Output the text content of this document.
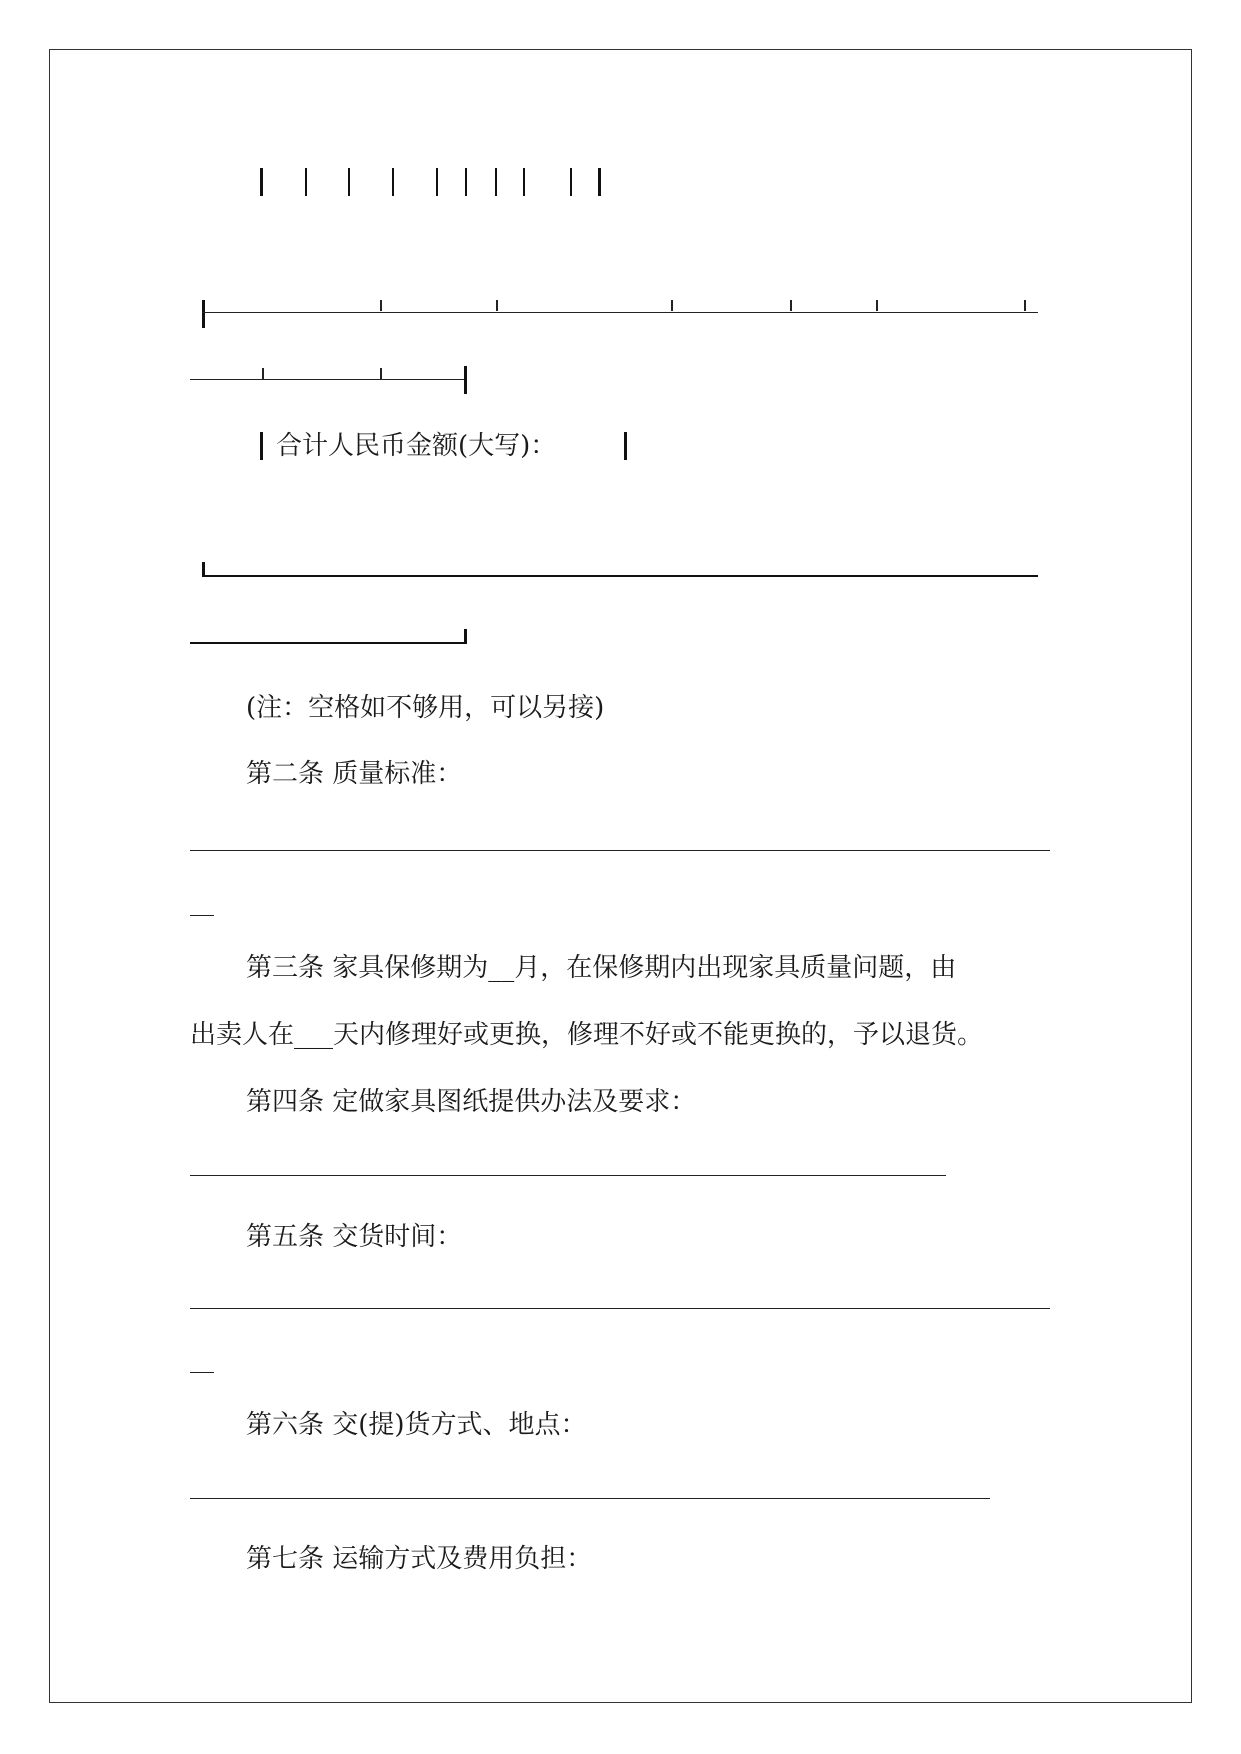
合计人民币金额(大写)：
(注：空格如不够用，可以另接)
第二条 质量标准：
第三条 家具保修期为__月，在保修期内出现家具质量问题，由
出卖人在___天内修理好或更换，修理不好或不能更换的，予以退货。
第四条 定做家具图纸提供办法及要求：
第五条 交货时间：
第六条 交(提)货方式、地点：
第七条 运输方式及费用负担：
